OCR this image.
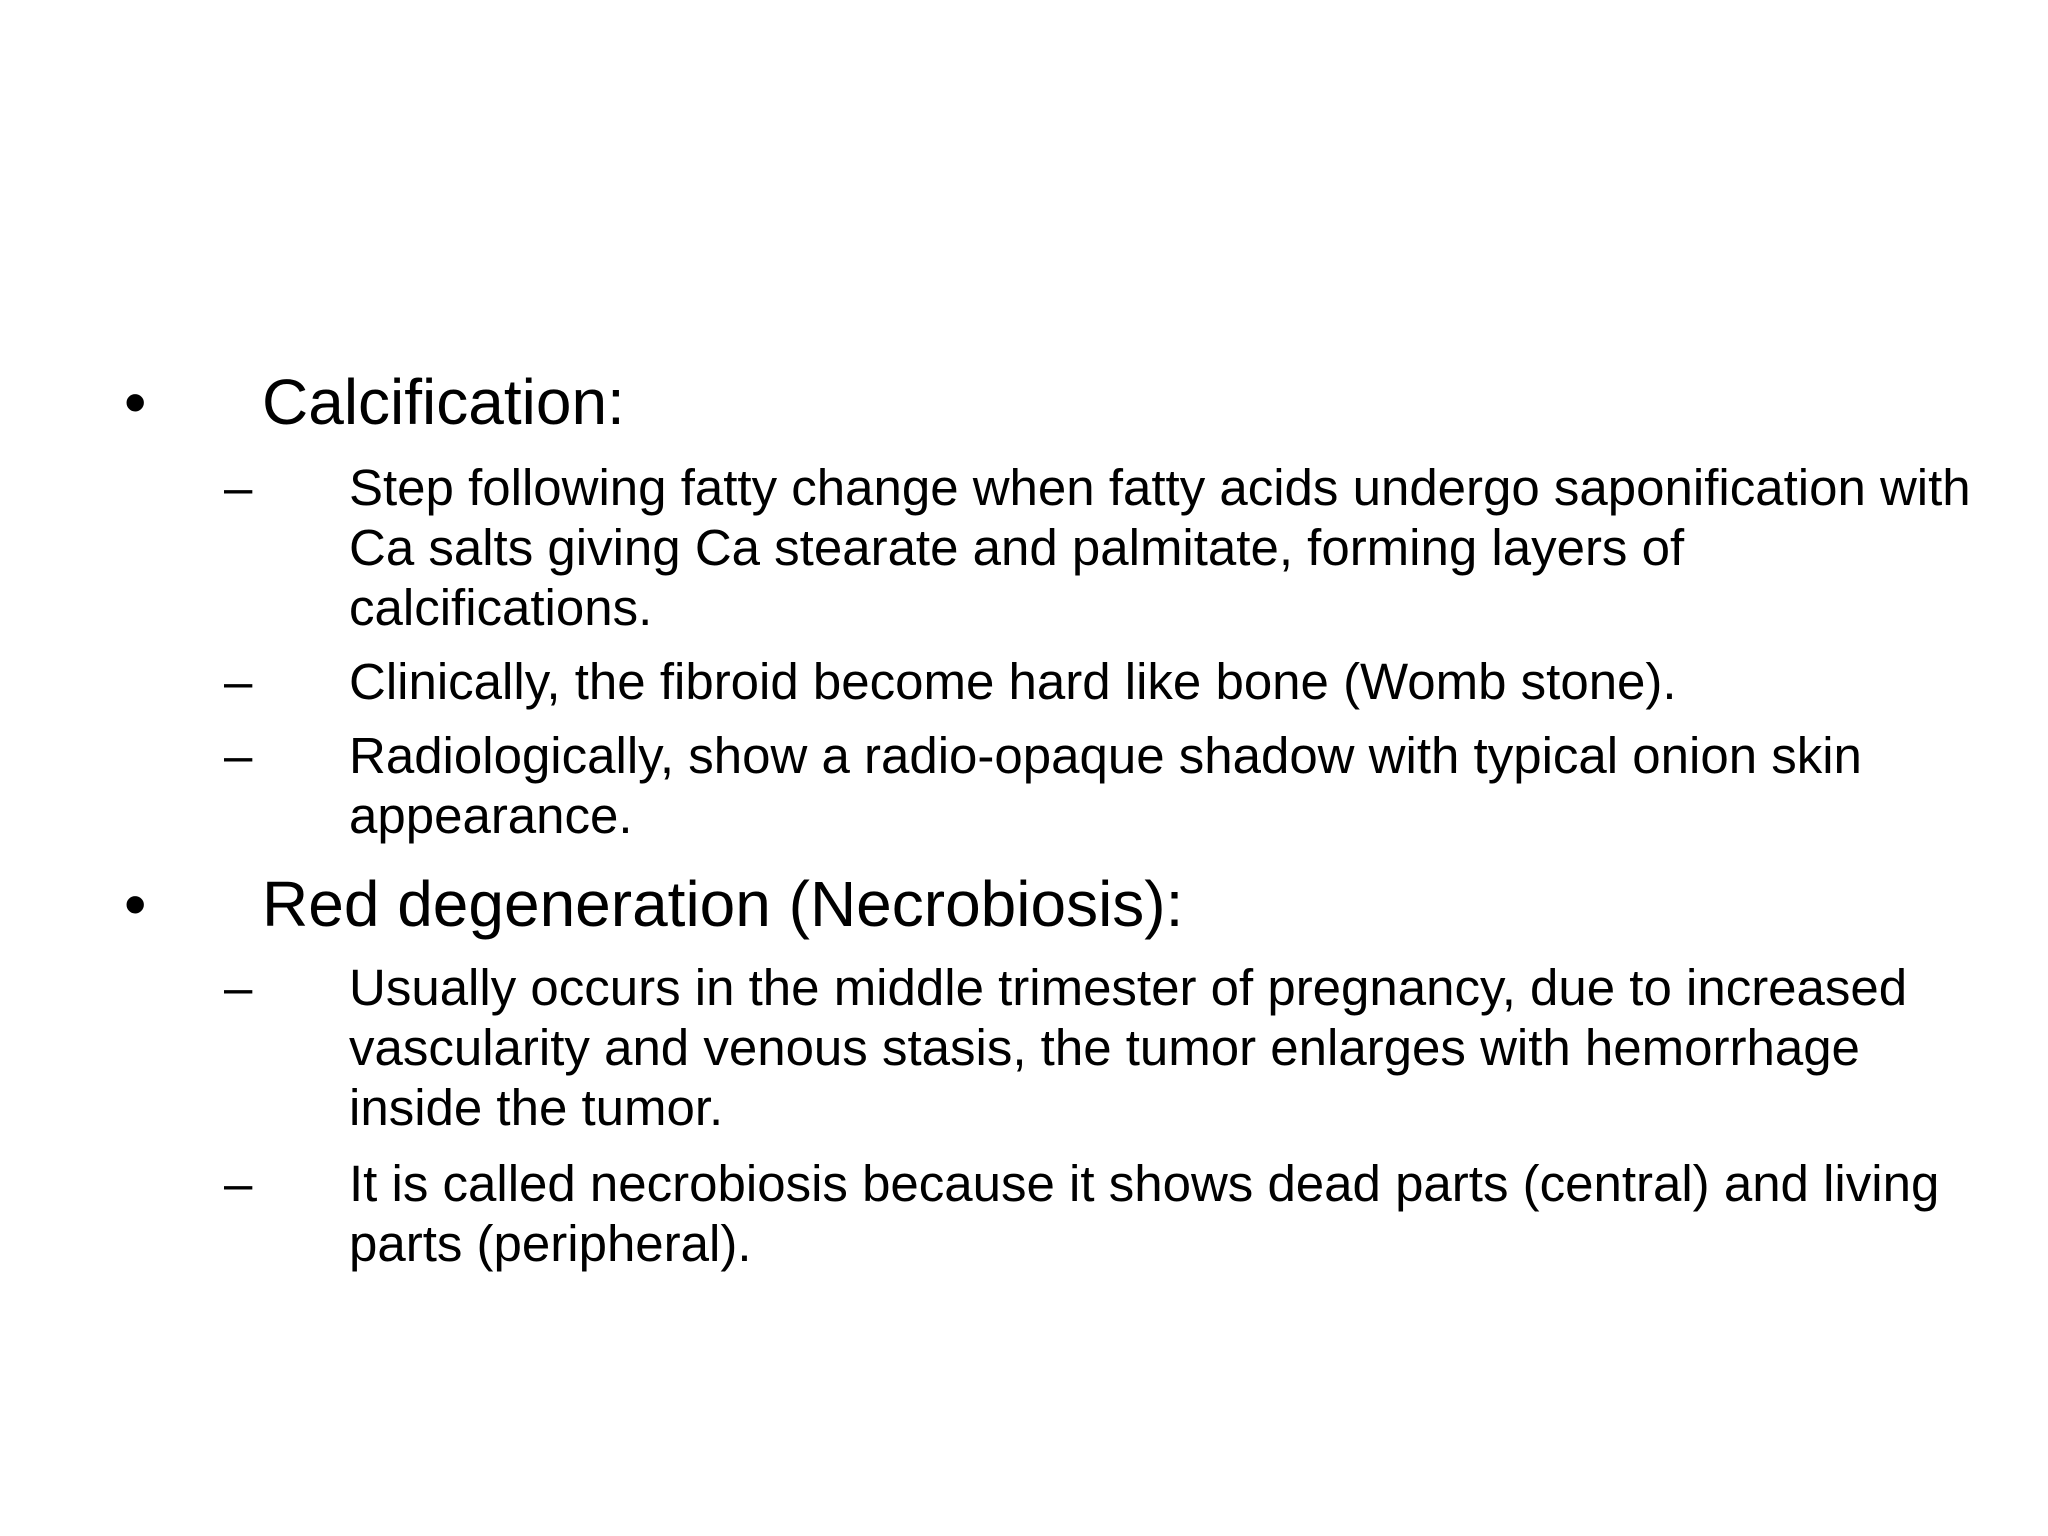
• Calcification:
– Step following fatty change when fatty acids undergo saponification with Ca salts giving Ca stearate and palmitate, forming layers of calcifications.
– Clinically, the fibroid become hard like bone (Womb stone).
– Radiologically, show a radio-opaque shadow with typical onion skin appearance.
• Red degeneration (Necrobiosis):
– Usually occurs in the middle trimester of pregnancy, due to increased vascularity and venous stasis, the tumor enlarges with hemorrhage inside the tumor.
– It is called necrobiosis because it shows dead parts (central) and living parts (peripheral).
